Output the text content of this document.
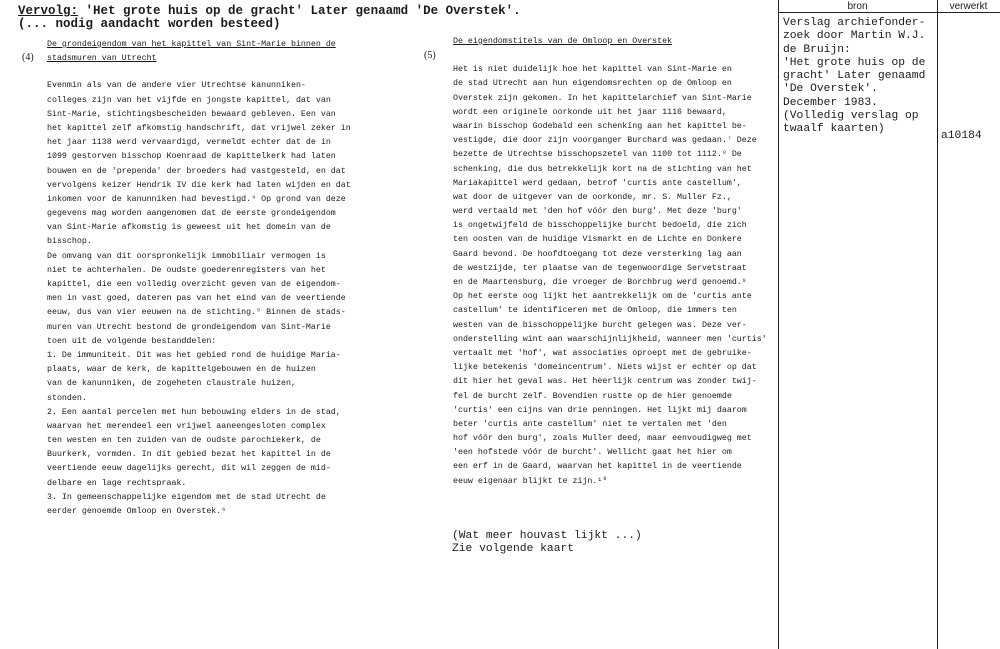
Vervolg: 'Het grote huis op de gracht' Later genaamd 'De Overstek'.
(... nodig aandacht worden besteed)
(4)
De grondeigendom van het kapittel van Sint-Marie binnen de
stadsmuren van Utrecht
Evenmin als van de andere vier Utrechtse kanunniken-
colleges zijn van het vijfde en jongste kapittel, dat van
Sint-Marie, stichtingsbescheiden bewaard gebleven. Een van
het kapittel zelf afkomstig handschrift, dat vrijwel zeker in
het jaar 1138 werd vervaardigd, vermeldt echter dat de in
1099 gestorven bisschop Koenraad de kapittelkerk had laten
bouwen en de 'prependa' der broeders had vastgesteld, en dat
vervolgens keizer Hendrik IV die kerk had laten wijden en dat
inkomen voor de kanunniken had bevestigd.⁴ Op grond van deze
gegevens mag worden aangenomen dat de eerste grondeigendom
van Sint-Marie afkomstig is geweest uit het domein van de
bisschop.
De omvang van dit oorspronkelijk immobiliair vermogen is
niet te achterhalen. De oudste goederenregisters van het
kapittel, die een volledig overzicht geven van de eigendom-
men in vast goed, dateren pas van het eind van de veertiende
eeuw, dus van vier eeuwen na de stichting.⁵ Binnen de stads-
muren van Utrecht bestond de grondeigendom van Sint-Marie
toen uit de volgende bestanddelen:
1. De immuniteit. Dit was het gebied rond de huidige Maria-
plaats, waar de kerk, de kapittelgebouwen en de huizen
van de kanunniken, de zogeheten claustrale huizen,
stonden.
2. Een aantal percelen met hun bebouwing elders in de stad,
waarvan het merendeel een vrijwel aaneengesloten complex
ten westen en ten zuiden van de oudste parochiekerk, de
Buurkerk, vormden. In dit gebied bezat het kapittel in de
veertiende eeuw dagelijks gerecht, dit wil zeggen de mid-
delbare en lage rechtspraak.
3. In gemeenschappelijke eigendom met de stad Utrecht de
eerder genoemde Omloop en Overstek.⁶
(5)
De eigendomstitels van de Omloop en Overstek
Het is niet duidelijk hoe het kapittel van Sint-Marie en
de stad Utrecht aan hun eigendomsrechten op de Omloop en
Overstek zijn gekomen. In het kapittelarchief van Sint-Marie
wordt een originele oorkonde uit het jaar 1116 bewaard,
waarin bisschop Godebald een schenking aan het kapittel be-
vestigde, die door zijn voorganger Burchard was gedaan.⁷ Deze
bezette de Utrechtse bisschopszetel van 1100 tot 1112.⁸ De
schenking, die dus betrekkelijk kort na de stichting van het
Mariakapittel werd gedaan, betrof 'curtis ante castellum',
wat door de uitgever van de oorkonde, mr. S. Muller Fz.,
werd vertaald met 'den hof vóór den burg'. Met deze 'burg'
is ongetwijfeld de bisschoppelijke burcht bedoeld, die zich
ten oosten van de huidige Vismarkt en de Lichte en Donkere
Gaard bevond. De hoofdtoegang tot deze versterking lag aan
de westzijde, ter plaatse van de tegenwoordige Servetstraat
en de Maartensburg, die vroeger de Borchbrug werd genoemd.⁹
Op het eerste oog lijkt het aantrekkelijk om de 'curtis ante
castellum' te identificeren met de Omloop, die immers ten
westen van de bisschoppelijke burcht gelegen was. Deze ver-
onderstelling wint aan waarschijnlijkheid, wanneer men 'curtis'
vertaalt met 'hof', wat associaties oproept met de gebruike-
lijke betekenis 'domeincentrum'. Niets wijst er echter op dat
dit hier het geval was. Het heerlijk centrum was zonder twij-
fel de burcht zelf. Bovendien rustte op de hier genoemde
'curtis' een cijns van drie penningen. Het lijkt mij daarom
beter 'curtis ante castellum' niet te vertalen met 'den
hof vóór den burg', zoals Muller deed, maar eenvoudigweg met
'een hofstede vóór de burcht'. Wellicht gaat het hier om
een erf in de Gaard, waarvan het kapittel in de veertiende
eeuw eigenaar blijkt te zijn.¹⁰
(Wat meer houvast lijkt ...)
Zie volgende kaart
bron	verwerkt
Verslag archiefonder-
zoek door Martin W.J.
de Bruijn:
'Het grote huis op de
gracht' Later genaamd
'De Overstek'.
December 1983.
(Volledig verslag op
twaalf kaarten)
a10184
